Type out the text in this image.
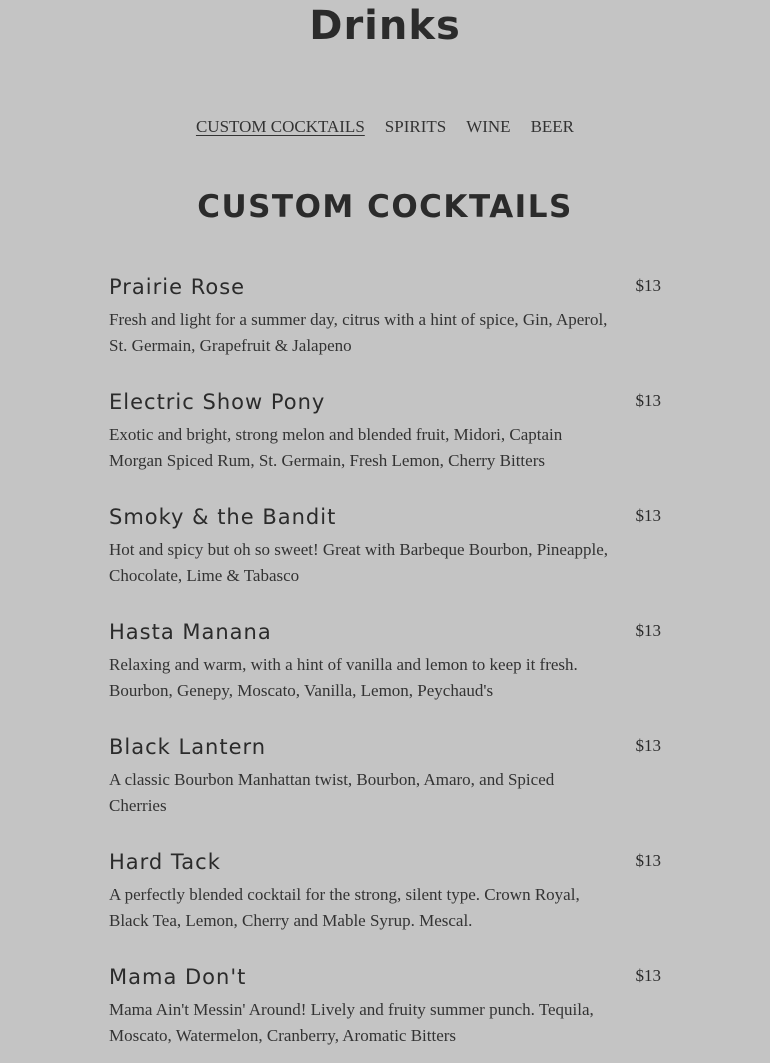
Drinks
CUSTOM COCKTAILS SPIRITS WINE BEER
CUSTOM COCKTAILS
Prairie Rose	$13

Fresh and light for a summer day, citrus with a hint of spice, Gin, Aperol, St. Germain, Grapefruit & Jalapeno

Electric Show Pony	$13

Exotic and bright, strong melon and blended fruit, Midori, Captain Morgan Spiced Rum, St. Germain, Fresh Lemon, Cherry Bitters

Smoky & the Bandit	$13

Hot and spicy but oh so sweet! Great with Barbeque Bourbon, Pineapple, Chocolate, Lime & Tabasco

Hasta Manana	$13

Relaxing and warm, with a hint of vanilla and lemon to keep it fresh. Bourbon, Genepy, Moscato, Vanilla, Lemon, Peychaud's

Black Lantern	$13

A classic Bourbon Manhattan twist, Bourbon, Amaro, and Spiced Cherries

Hard Tack	$13

A perfectly blended cocktail for the strong, silent type. Crown Royal, Black Tea, Lemon, Cherry and Mable Syrup. Mescal.

Mama Don't	$13

Mama Ain't Messin' Around! Lively and fruity summer punch. Tequila, Moscato, Watermelon, Cranberry, Aromatic Bitters
